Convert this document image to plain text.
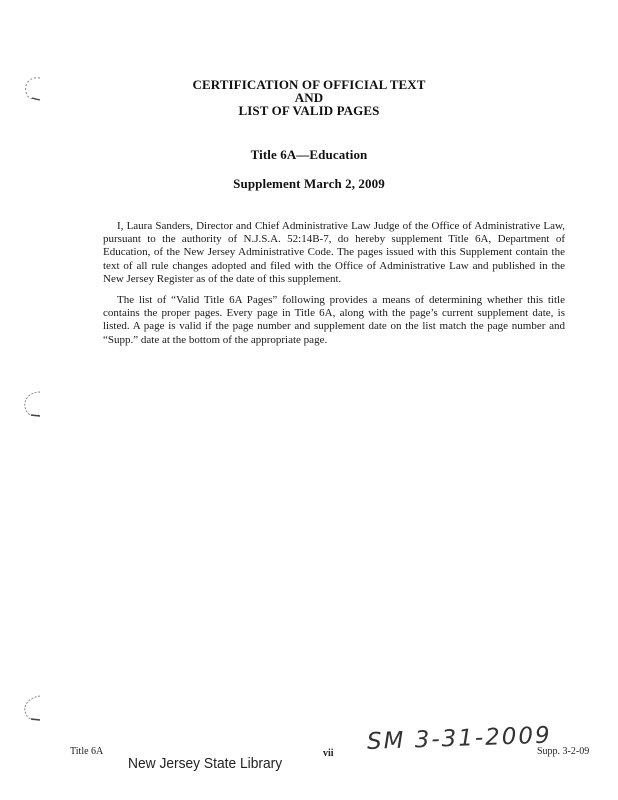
CERTIFICATION OF OFFICIAL TEXT
AND
LIST OF VALID PAGES
Title 6A—Education
Supplement March 2, 2009

I, Laura Sanders, Director and Chief Administrative Law Judge of the Office of Administrative Law, pursuant to the authority of N.J.S.A. 52:14B-7, do hereby supplement Title 6A, Department of Education, of the New Jersey Administrative Code. The pages issued with this Supplement contain the text of all rule changes adopted and filed with the Office of Administrative Law and published in the New Jersey Register as of the date of this supplement.

The list of “Valid Title 6A Pages” following provides a means of determining whether this title contains the proper pages. Every page in Title 6A, along with the page’s current supplement date, is listed. A page is valid if the page number and supplement date on the list match the page number and “Supp.” date at the bottom of the appropriate page.

Title 6A
New Jersey State Library
vii SM 3-31-2009
Supp. 3-2-09
